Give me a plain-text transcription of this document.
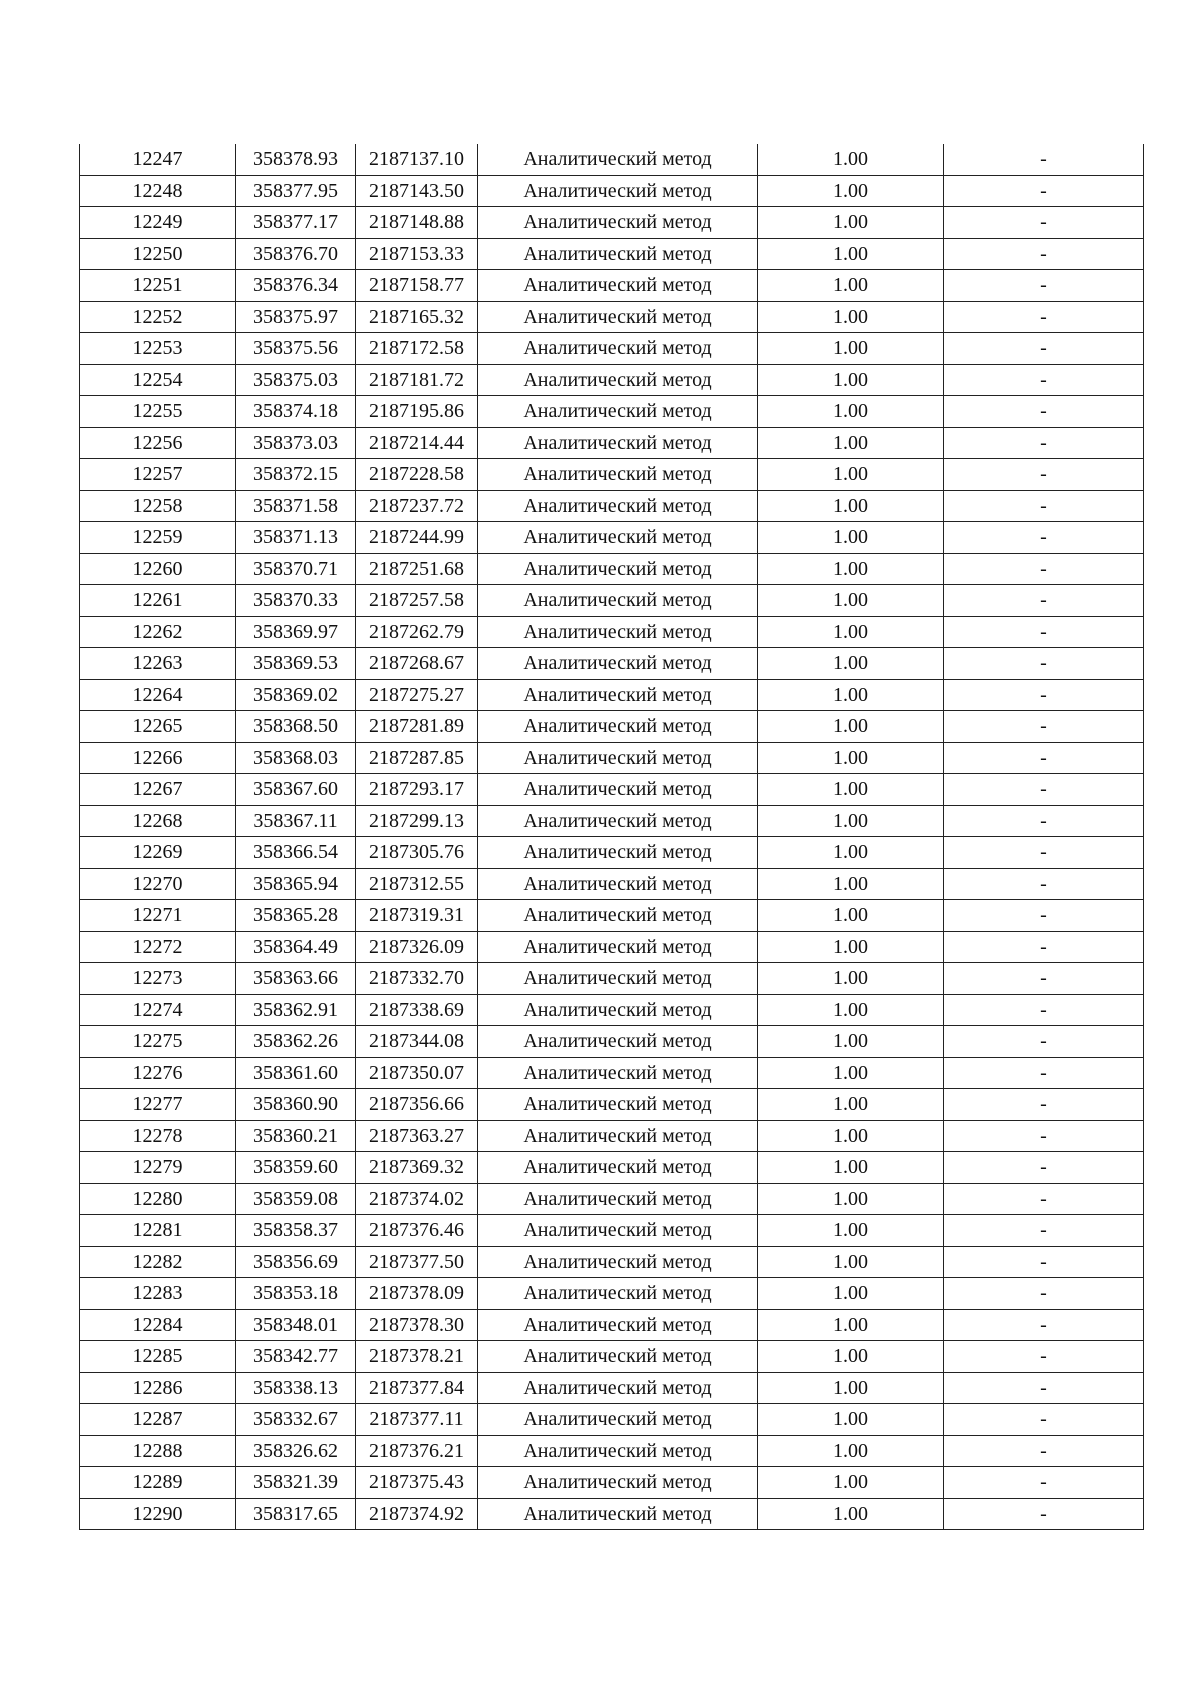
12247	358378.93	2187137.10	Аналитический метод	1.00	-
12248	358377.95	2187143.50	Аналитический метод	1.00	-
12249	358377.17	2187148.88	Аналитический метод	1.00	-
12250	358376.70	2187153.33	Аналитический метод	1.00	-
12251	358376.34	2187158.77	Аналитический метод	1.00	-
12252	358375.97	2187165.32	Аналитический метод	1.00	-
12253	358375.56	2187172.58	Аналитический метод	1.00	-
12254	358375.03	2187181.72	Аналитический метод	1.00	-
12255	358374.18	2187195.86	Аналитический метод	1.00	-
12256	358373.03	2187214.44	Аналитический метод	1.00	-
12257	358372.15	2187228.58	Аналитический метод	1.00	-
12258	358371.58	2187237.72	Аналитический метод	1.00	-
12259	358371.13	2187244.99	Аналитический метод	1.00	-
12260	358370.71	2187251.68	Аналитический метод	1.00	-
12261	358370.33	2187257.58	Аналитический метод	1.00	-
12262	358369.97	2187262.79	Аналитический метод	1.00	-
12263	358369.53	2187268.67	Аналитический метод	1.00	-
12264	358369.02	2187275.27	Аналитический метод	1.00	-
12265	358368.50	2187281.89	Аналитический метод	1.00	-
12266	358368.03	2187287.85	Аналитический метод	1.00	-
12267	358367.60	2187293.17	Аналитический метод	1.00	-
12268	358367.11	2187299.13	Аналитический метод	1.00	-
12269	358366.54	2187305.76	Аналитический метод	1.00	-
12270	358365.94	2187312.55	Аналитический метод	1.00	-
12271	358365.28	2187319.31	Аналитический метод	1.00	-
12272	358364.49	2187326.09	Аналитический метод	1.00	-
12273	358363.66	2187332.70	Аналитический метод	1.00	-
12274	358362.91	2187338.69	Аналитический метод	1.00	-
12275	358362.26	2187344.08	Аналитический метод	1.00	-
12276	358361.60	2187350.07	Аналитический метод	1.00	-
12277	358360.90	2187356.66	Аналитический метод	1.00	-
12278	358360.21	2187363.27	Аналитический метод	1.00	-
12279	358359.60	2187369.32	Аналитический метод	1.00	-
12280	358359.08	2187374.02	Аналитический метод	1.00	-
12281	358358.37	2187376.46	Аналитический метод	1.00	-
12282	358356.69	2187377.50	Аналитический метод	1.00	-
12283	358353.18	2187378.09	Аналитический метод	1.00	-
12284	358348.01	2187378.30	Аналитический метод	1.00	-
12285	358342.77	2187378.21	Аналитический метод	1.00	-
12286	358338.13	2187377.84	Аналитический метод	1.00	-
12287	358332.67	2187377.11	Аналитический метод	1.00	-
12288	358326.62	2187376.21	Аналитический метод	1.00	-
12289	358321.39	2187375.43	Аналитический метод	1.00	-
12290	358317.65	2187374.92	Аналитический метод	1.00	-
